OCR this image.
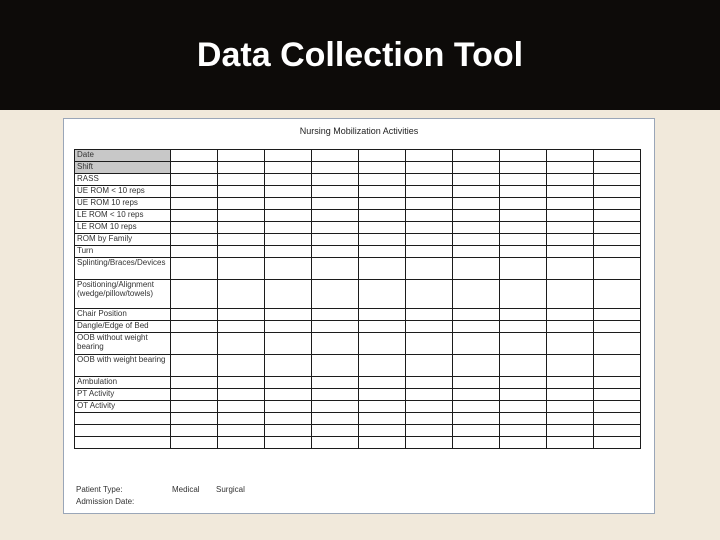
Data Collection Tool
Nursing Mobilization Activities
Date										
Shift										
RASS										
UE ROM < 10 reps										
UE ROM 10 reps										
LE ROM < 10 reps										
LE ROM 10 reps										
ROM by Family										
Turn										
Splinting/Braces/Devices										
Positioning/Alignment (wedge/pillow/towels)										
Chair Position										
Dangle/Edge of Bed										
OOB without weight bearing										
OOB with weight bearing										
Ambulation										
PT Activity										
OT Activity										

Patient Type:	Medical Surgical
Admission Date:
